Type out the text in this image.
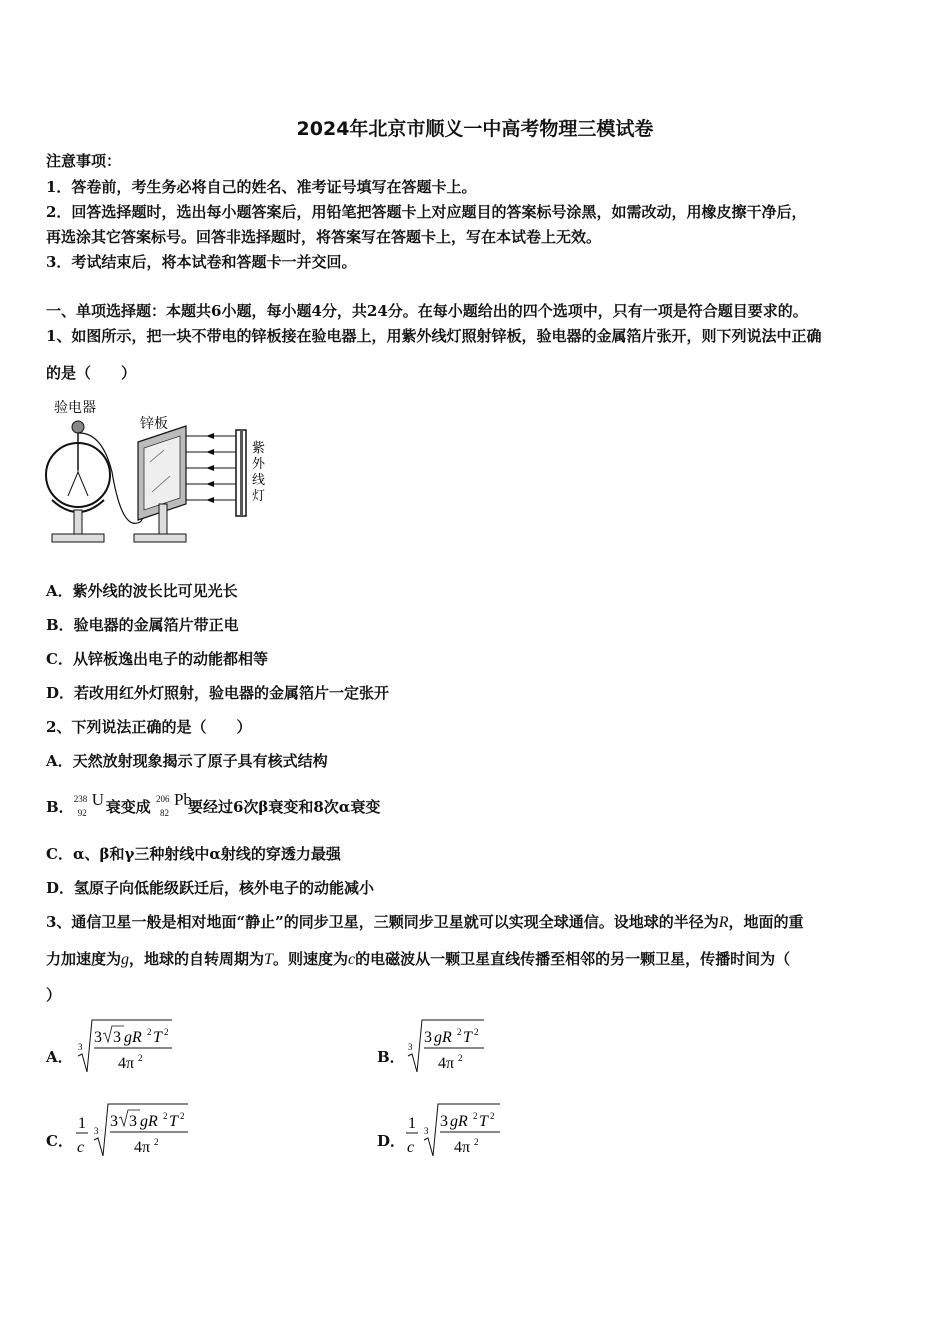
2024年北京市顺义一中高考物理三模试卷
注意事项：
1．答卷前，考生务必将自己的姓名、准考证号填写在答题卡上。
2．回答选择题时，选出每小题答案后，用铅笔把答题卡上对应题目的答案标号涂黑，如需改动，用橡皮擦干净后，
再选涂其它答案标号。回答非选择题时，将答案写在答题卡上，写在本试卷上无效。
3．考试结束后，将本试卷和答题卡一并交回。
一、单项选择题：本题共6小题，每小题4分，共24分。在每小题给出的四个选项中，只有一项是符合题目要求的。
1、如图所示，把一块不带电的锌板接在验电器上，用紫外线灯照射锌板，验电器的金属箔片张开，则下列说法中正确
的是（　　）
验电器
锌板
紫
外
线
灯
A．紫外线的波长比可见光长
B．验电器的金属箔片带正电
C．从锌板逸出电子的动能都相等
D．若改用红外灯照射，验电器的金属箔片一定张开
2、下列说法正确的是（　　）
A．天然放射现象揭示了原子具有核式结构
B． 238
92
U 衰变成 206
82
Pb
要经过6次β衰变和8次α衰变
C．α、β和γ三种射线中α射线的穿透力最强
D．氢原子向低能级跃迁后，核外电子的动能减小
3、通信卫星一般是相对地面“静止”的同步卫星，三颗同步卫星就可以实现全球通信。设地球的半径为R，地面的重
力加速度为g，地球的自转周期为T。则速度为c的电磁波从一颗卫星直线传播至相邻的另一颗卫星，传播时间为（
）
A．
3
3 3 gR 2 T 2
4π 2	B．
3
3 gR 2 T 2
4π 2
C．
1
c
3
3 3 gR 2 T 2
4π 2	D．
1
c
3
3 gR 2 T 2
4π 2
